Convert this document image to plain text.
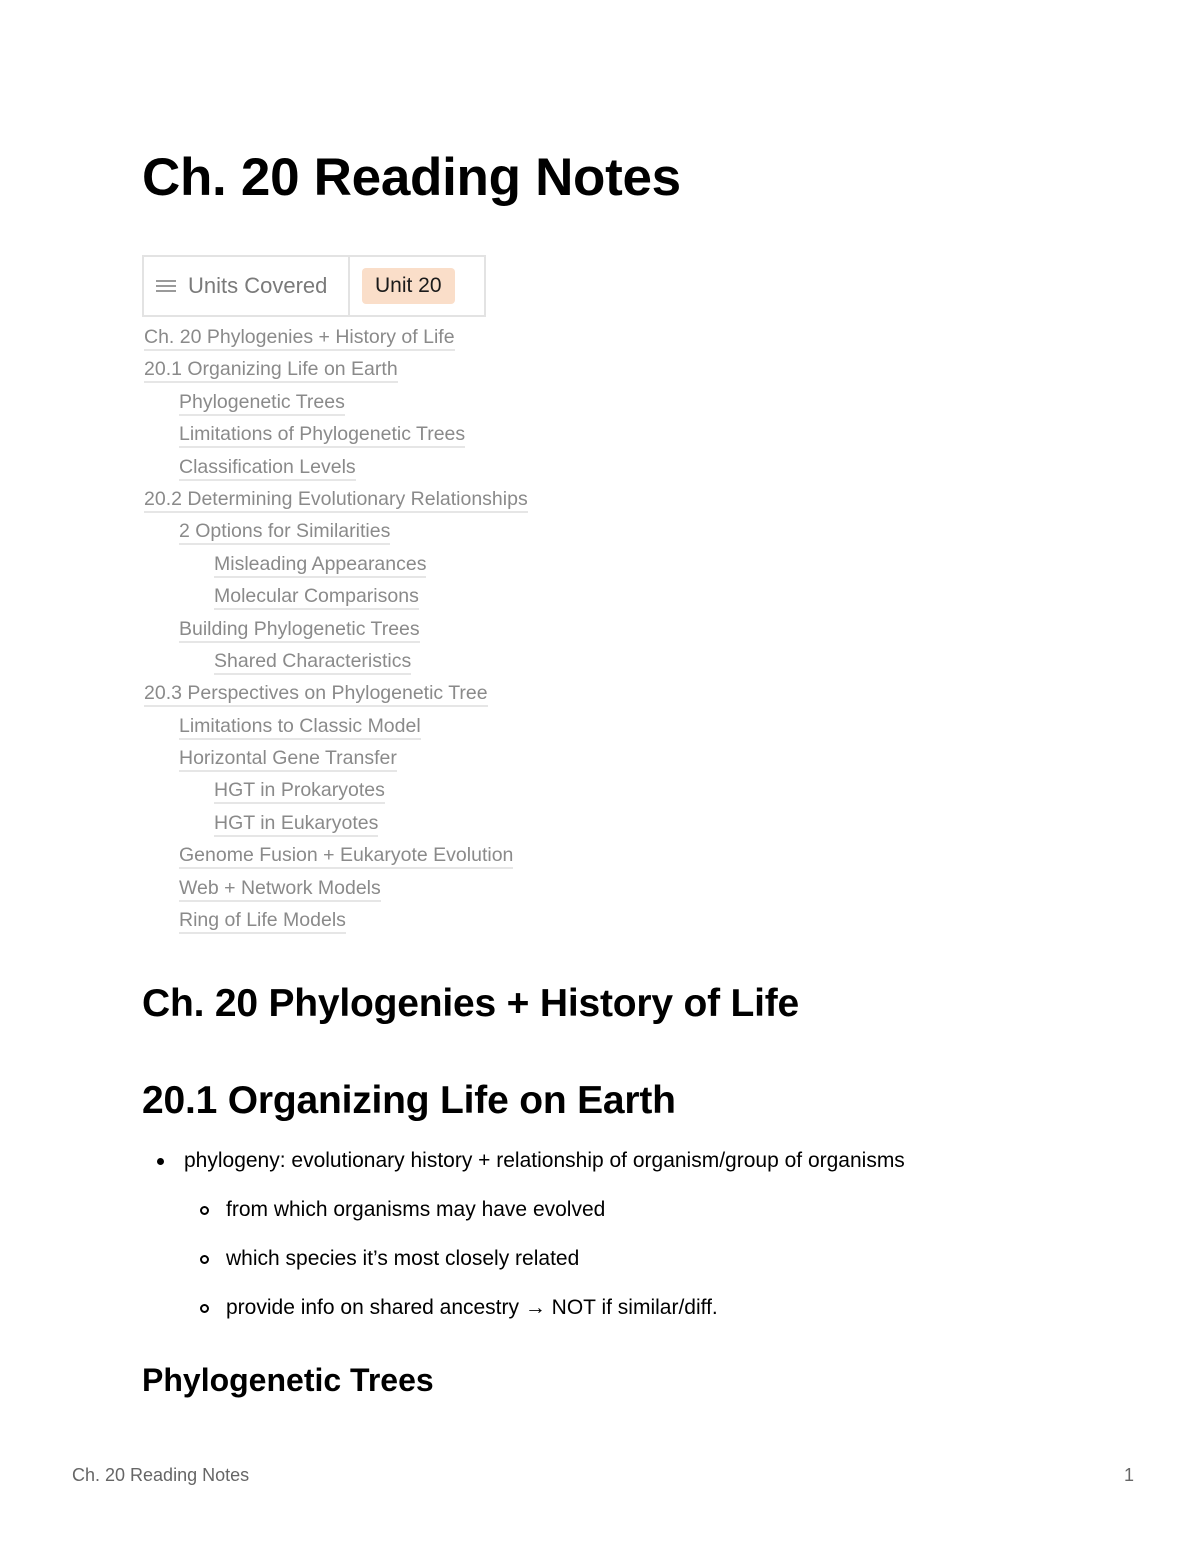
Ch. 20 Reading Notes
Units Covered	Unit 20
Ch. 20 Phylogenies + History of Life
20.1 Organizing Life on Earth
Phylogenetic Trees
Limitations of Phylogenetic Trees
Classification Levels
20.2 Determining Evolutionary Relationships
2 Options for Similarities
Misleading Appearances
Molecular Comparisons
Building Phylogenetic Trees
Shared Characteristics
20.3 Perspectives on Phylogenetic Tree
Limitations to Classic Model
Horizontal Gene Transfer
HGT in Prokaryotes
HGT in Eukaryotes
Genome Fusion + Eukaryote Evolution
Web + Network Models
Ring of Life Models
Ch. 20 Phylogenies + History of Life
20.1 Organizing Life on Earth
phylogeny: evolutionary history + relationship of organism/group of organisms
from which organisms may have evolved
which species it’s most closely related
provide info on shared ancestry → NOT if similar/diff.
Phylogenetic Trees
Ch. 20 Reading Notes	1
